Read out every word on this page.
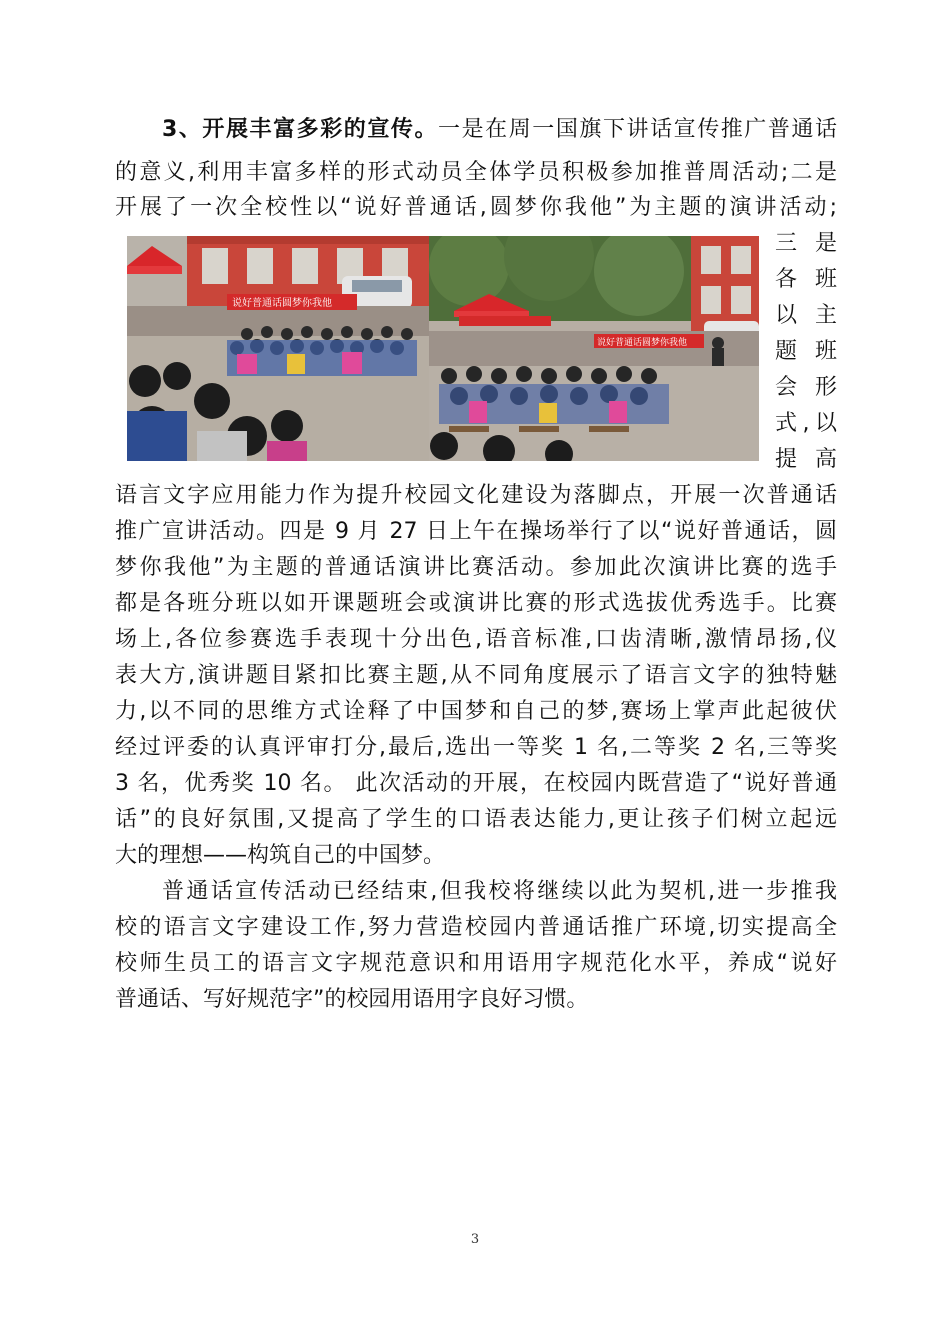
3、开展丰富多彩的宣传。一是在周一国旗下讲话宣传推广普通话
的意义,利用丰富多样的形式动员全体学员积极参加推普周活动;二是
开展了一次全校性以“说好普通话,圆梦你我他”为主题的演讲活动;
说好普通话圆梦你我他
说好普通话圆梦你我他
三 是
各 班
以 主
题 班
会 形
式,以
提 高
语言文字应用能力作为提升校园文化建设为落脚点，开展一次普通话
推广宣讲活动。四是 9 月 27 日上午在操场举行了以“说好普通话，圆
梦你我他”为主题的普通话演讲比赛活动。参加此次演讲比赛的选手
都是各班分班以如开课题班会或演讲比赛的形式选拔优秀选手。比赛
场上,各位参赛选手表现十分出色,语音标准,口齿清晰,激情昂扬,仪
表大方,演讲题目紧扣比赛主题,从不同角度展示了语言文字的独特魅
力,以不同的思维方式诠释了中国梦和自己的梦,赛场上掌声此起彼伏
经过评委的认真评审打分,最后,选出一等奖 1 名,二等奖 2 名,三等奖
3 名，优秀奖 10 名。 此次活动的开展，在校园内既营造了“说好普通
话”的良好氛围,又提高了学生的口语表达能力,更让孩子们树立起远
大的理想——构筑自己的中国梦。
普通话宣传活动已经结束,但我校将继续以此为契机,进一步推我
校的语言文字建设工作,努力营造校园内普通话推广环境,切实提高全
校师生员工的语言文字规范意识和用语用字规范化水平，养成“说好
普通话、写好规范字”的校园用语用字良好习惯。
3
